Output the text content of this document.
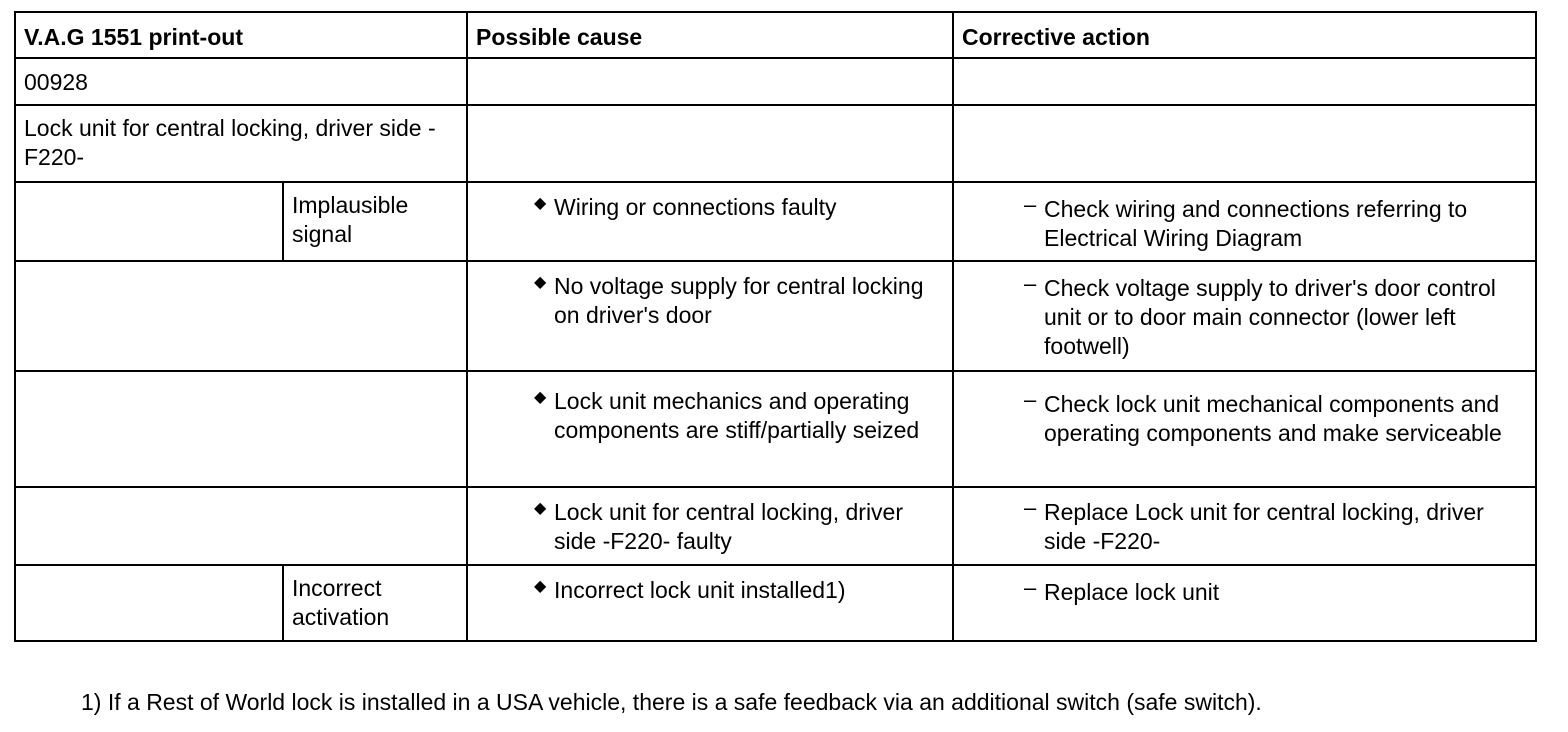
V.A.G 1551 print-out		Possible cause	Corrective action

00928			

Lock unit for central locking, driver side -F220-			

	Implausible signal	◆ Wiring or connections faulty	– Check wiring and connections referring to Electrical Wiring Diagram

		◆ No voltage supply for central locking on driver's door	– Check voltage supply to driver's door control unit or to door main connector (lower left footwell)

		◆ Lock unit mechanics and operating components are stiff/partially seized	– Check lock unit mechanical components and operating components and make serviceable

		◆ Lock unit for central locking, driver side -F220- faulty	– Replace Lock unit for central locking, driver side -F220-

	Incorrect activation	◆ Incorrect lock unit installed1)	– Replace lock unit
1) If a Rest of World lock is installed in a USA vehicle, there is a safe feedback via an additional switch (safe switch).
